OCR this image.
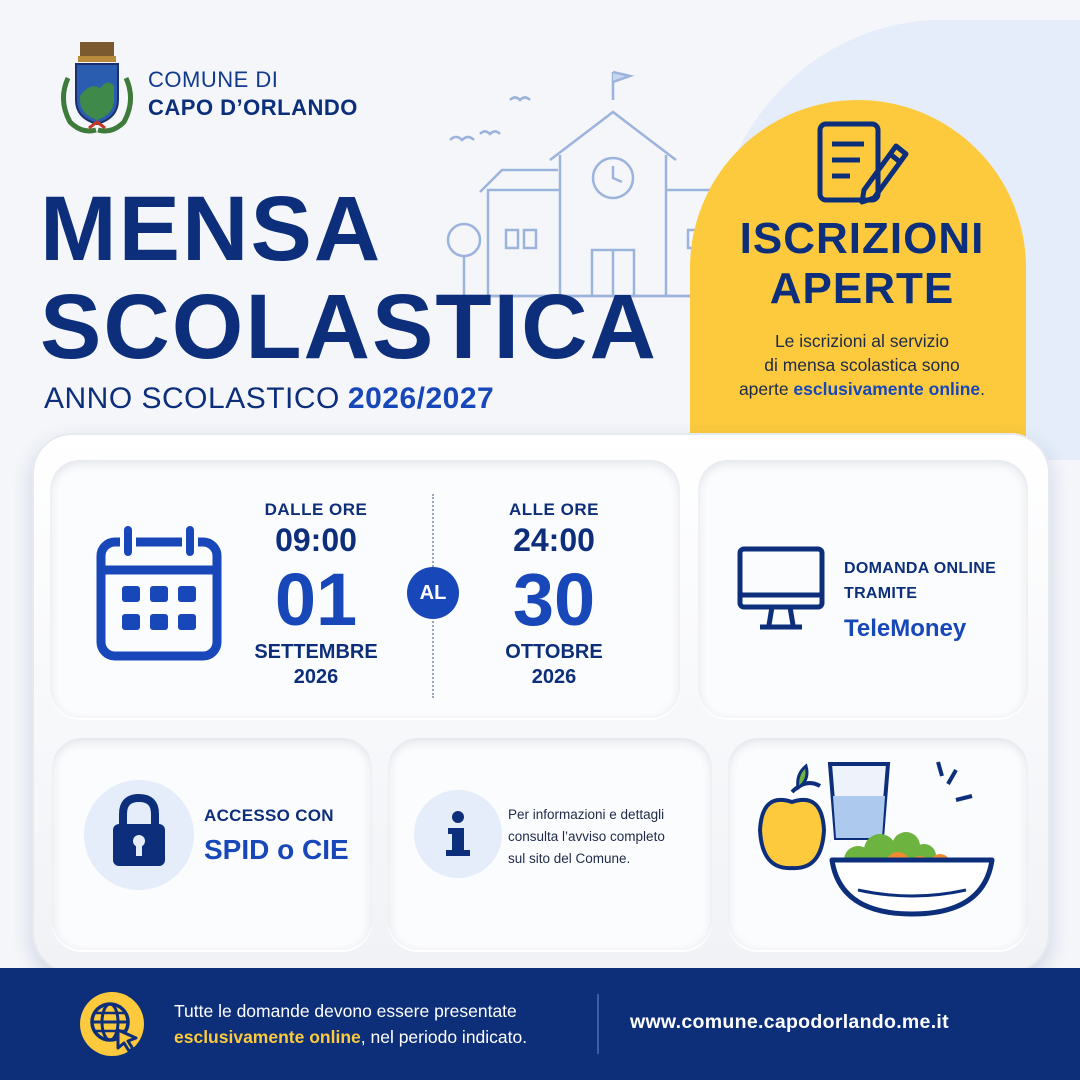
COMUNE DI
CAPO D’ORLANDO
MENSA
SCOLASTICA
ANNO SCOLASTICO 2026/2027
ISCRIZIONI
APERTE
Le iscrizioni al servizio
di mensa scolastica sono
aperte esclusivamente online.
DALLE ORE
09:00
01
SETTEMBRE
2026
AL
ALLE ORE
24:00
30
OTTOBRE
2026
DOMANDA ONLINE
TRAMITE
TeleMoney
ACCESSO CON
SPID o CIE
Per informazioni e dettagli
consulta l’avviso completo
sul sito del Comune.
Tutte le domande devono essere presentate
esclusivamente online, nel periodo indicato.
www.comune.capodorlando.me.it
